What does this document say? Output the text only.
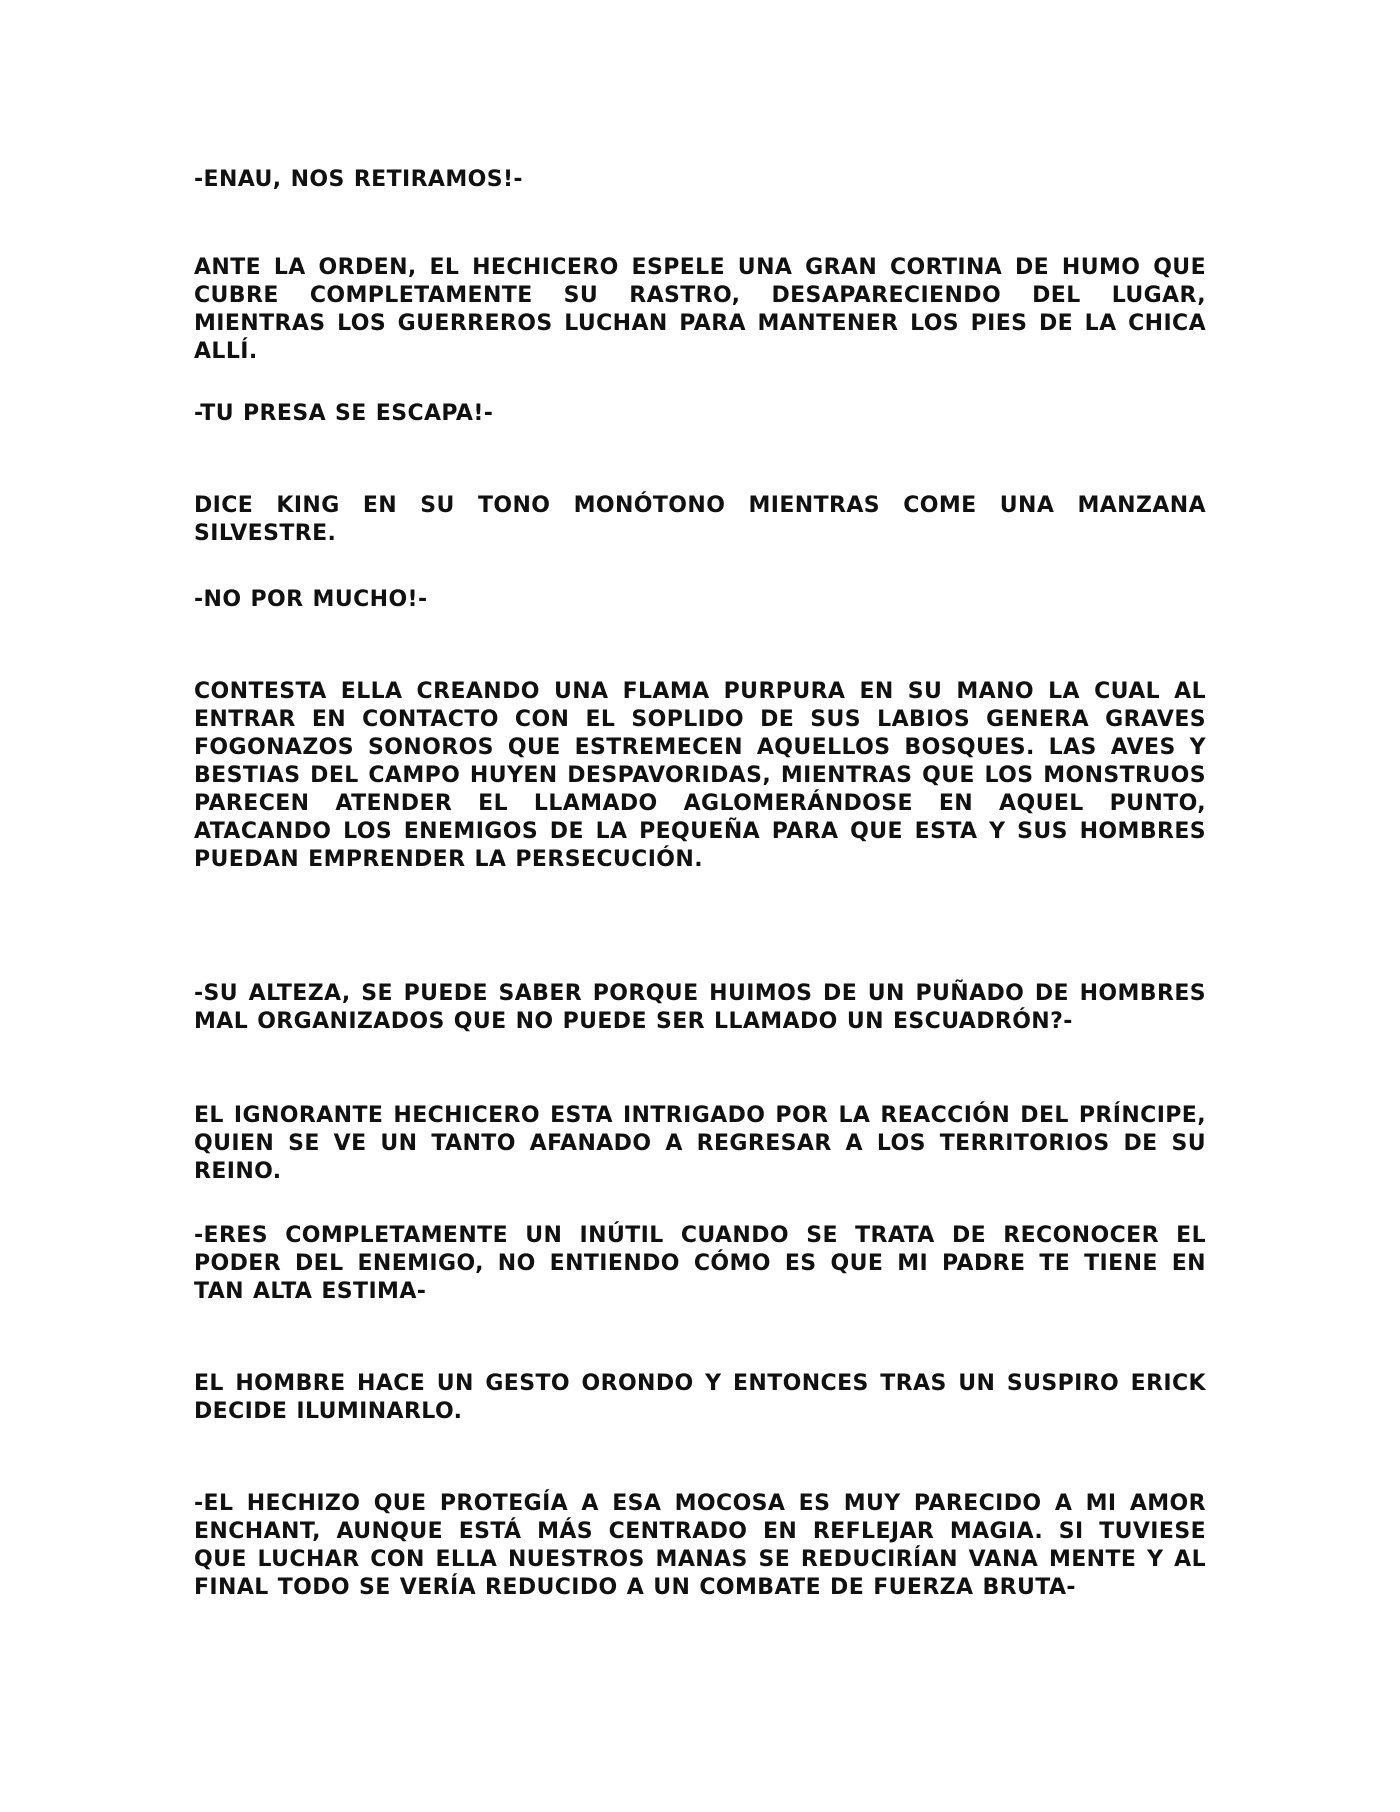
-ENAU, NOS RETIRAMOS!-

ANTE LA ORDEN, EL HECHICERO ESPELE UNA GRAN CORTINA DE HUMO QUE CUBRE COMPLETAMENTE SU RASTRO, DESAPARECIENDO DEL LUGAR, MIENTRAS LOS GUERREROS LUCHAN PARA MANTENER LOS PIES DE LA CHICA ALLÍ.

-TU PRESA SE ESCAPA!-

DICE KING EN SU TONO MONÓTONO MIENTRAS COME UNA MANZANA SILVESTRE.

-NO POR MUCHO!-

CONTESTA ELLA CREANDO UNA FLAMA PURPURA EN SU MANO LA CUAL AL ENTRAR EN CONTACTO CON EL SOPLIDO DE SUS LABIOS GENERA GRAVES FOGONAZOS SONOROS QUE ESTREMECEN AQUELLOS BOSQUES. LAS AVES Y BESTIAS DEL CAMPO HUYEN DESPAVORIDAS, MIENTRAS QUE LOS MONSTRUOS PARECEN ATENDER EL LLAMADO AGLOMERÁNDOSE EN AQUEL PUNTO, ATACANDO LOS ENEMIGOS DE LA PEQUEÑA PARA QUE ESTA Y SUS HOMBRES PUEDAN EMPRENDER LA PERSECUCIÓN.

-SU ALTEZA, SE PUEDE SABER PORQUE HUIMOS DE UN PUÑADO DE HOMBRES MAL ORGANIZADOS QUE NO PUEDE SER LLAMADO UN ESCUADRÓN?-

EL IGNORANTE HECHICERO ESTA INTRIGADO POR LA REACCIÓN DEL PRÍNCIPE, QUIEN SE VE UN TANTO AFANADO A REGRESAR A LOS TERRITORIOS DE SU REINO.

-ERES COMPLETAMENTE UN INÚTIL CUANDO SE TRATA DE RECONOCER EL PODER DEL ENEMIGO, NO ENTIENDO CÓMO ES QUE MI PADRE TE TIENE EN TAN ALTA ESTIMA-

EL HOMBRE HACE UN GESTO ORONDO Y ENTONCES TRAS UN SUSPIRO ERICK DECIDE ILUMINARLO.

-EL HECHIZO QUE PROTEGÍA A ESA MOCOSA ES MUY PARECIDO A MI AMOR ENCHANT, AUNQUE ESTÁ MÁS CENTRADO EN REFLEJAR MAGIA. SI TUVIESE QUE LUCHAR CON ELLA NUESTROS MANAS SE REDUCIRÍAN VANA MENTE Y AL FINAL TODO SE VERÍA REDUCIDO A UN COMBATE DE FUERZA BRUTA-
